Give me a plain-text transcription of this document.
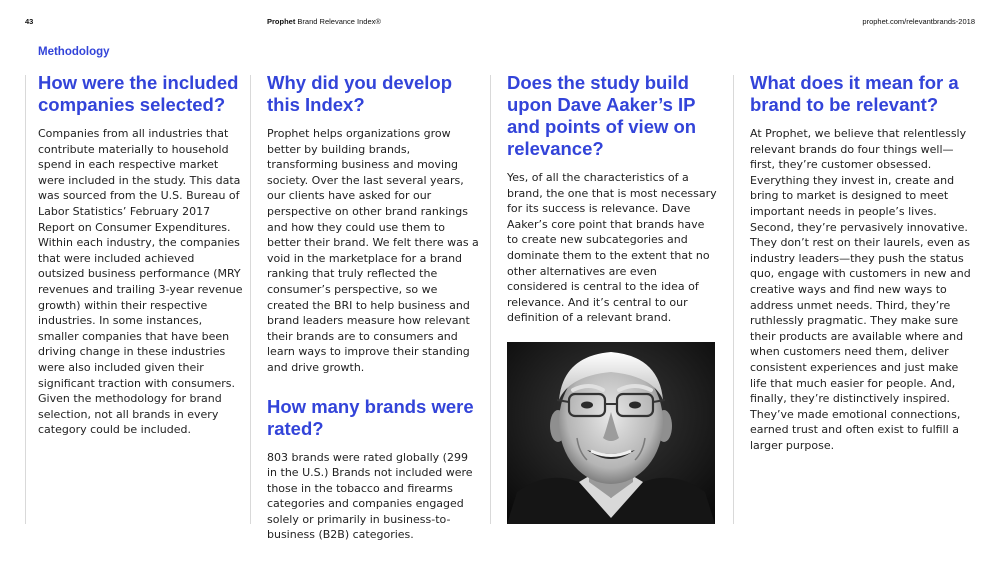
43	Prophet Brand Relevance Index®	prophet.com/relevantbrands-2018
Methodology
How were the included companies selected?

Companies from all industries that contribute materially to household spend in each respective market were included in the study. This data was sourced from the U.S. Bureau of Labor Statistics’ February 2017 Report on Consumer Expenditures. Within each industry, the companies that were included achieved outsized business performance (MRY revenues and trailing 3-year revenue growth) within their respective industries. In some instances, smaller companies that have been driving change in these industries were also included given their significant traction with consumers. Given the methodology for brand selection, not all brands in every category could be included.

Why did you develop this Index?

Prophet helps organizations grow better by building brands, transforming business and moving society. Over the last several years, our clients have asked for our perspective on other brand rankings and how they could use them to better their brand. We felt there was a void in the marketplace for a brand ranking that truly reflected the consumer’s perspective, so we created the BRI to help business and brand leaders measure how relevant their brands are to consumers and learn ways to improve their standing and drive growth.

How many brands were rated?

803 brands were rated globally (299 in the U.S.) Brands not included were those in the tobacco and firearms categories and companies engaged solely or primarily in business-to-business (B2B) categories.

Does the study build upon Dave Aaker’s IP and points of view on relevance?

Yes, of all the characteristics of a brand, the one that is most necessary for its success is relevance. Dave Aaker’s core point that brands have to create new subcategories and dominate them to the extent that no other alternatives are even considered is central to the idea of relevance. And it’s central to our definition of a relevant brand.

What does it mean for a brand to be relevant?

At Prophet, we believe that relentlessly relevant brands do four things well—first, they’re customer obsessed. Everything they invest in, create and bring to market is designed to meet important needs in people’s lives. Second, they’re pervasively innovative. They don’t rest on their laurels, even as industry leaders—they push the status quo, engage with customers in new and creative ways and find new ways to address unmet needs. Third, they’re ruthlessly pragmatic. They make sure their products are available where and when customers need them, deliver consistent experiences and just make life that much easier for people. And, finally, they’re distinctively inspired. They’ve made emotional connections, earned trust and often exist to fulfill a larger purpose.
